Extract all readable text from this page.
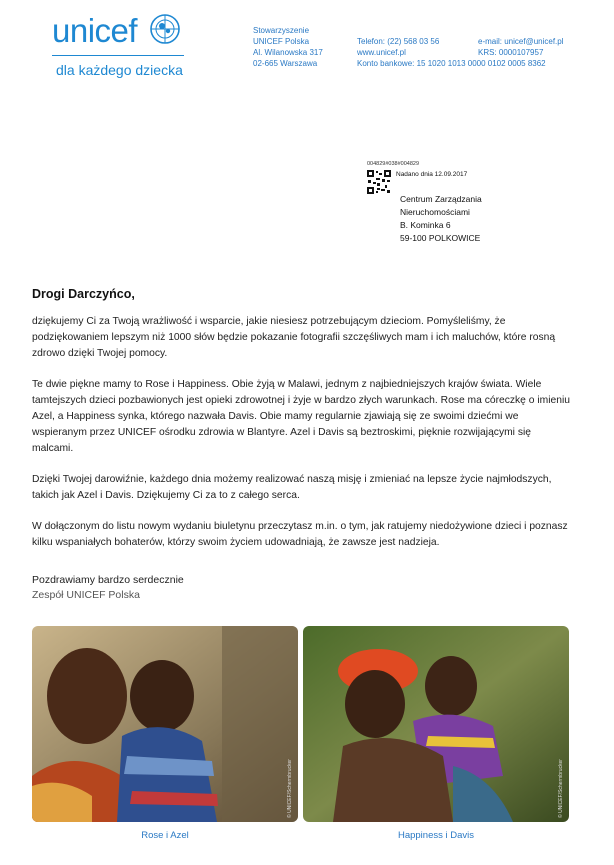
unicef
dla każdego dziecka
Stowarzyszenie
UNICEF Polska
Al. Wilanowska 317
02-665 Warszawa
Telefon: (22) 568 03 56
www.unicef.pl
Konto bankowe: 15 1020 1013 0000 0102 0005 8362
e-mail: unicef@unicef.pl
KRS: 0000107957
004829#038#004829
Nadano dnia 12.09.2017
Centrum Zarządzania
Nieruchomościami
B. Kominka 6
59-100 POLKOWICE
Drogi Darczyńco,

dziękujemy Ci za Twoją wrażliwość i wsparcie, jakie niesiesz potrzebującym dzieciom. Pomyśleliśmy, że podziękowaniem lepszym niż 1000 słów będzie pokazanie fotografii szczęśliwych mam i ich maluchów, które rosną zdrowo dzięki Twojej pomocy.

Te dwie piękne mamy to Rose i Happiness. Obie żyją w Malawi, jednym z najbiedniejszych krajów świata. Wiele tamtejszych dzieci pozbawionych jest opieki zdrowotnej i żyje w bardzo złych warunkach. Rose ma córeczkę o imieniu Azel, a Happiness synka, którego nazwała Davis. Obie mamy regularnie zjawiają się ze swoimi dziećmi we wspieranym przez UNICEF ośrodku zdrowia w Blantyre. Azel i Davis są beztroskimi, pięknie rozwijającymi się malcami.

Dzięki Twojej darowiźnie, każdego dnia możemy realizować naszą misję i zmieniać na lepsze życie najmłodszych, takich jak Azel i Davis. Dziękujemy Ci za to z całego serca.

W dołączonym do listu nowym wydaniu biuletynu przeczytasz m.in. o tym, jak ratujemy niedożywione dzieci i poznasz kilku wspaniałych bohaterów, którzy swoim życiem udowadniają, że zawsze jest nadzieja.

Pozdrawiamy bardzo serdecznie
Zespół UNICEF Polska
© UNICEF/Schermbrucker
Rose i Azel
© UNICEF/Schermbrucker
Happiness i Davis
